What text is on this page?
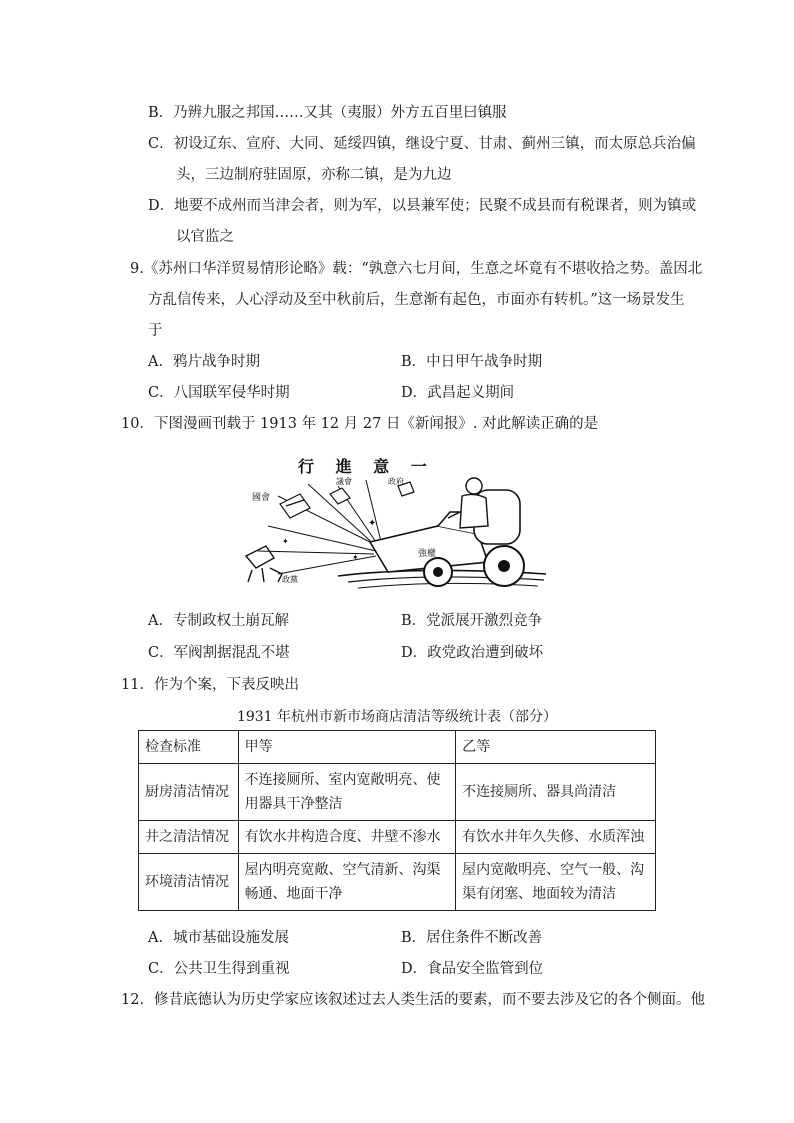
B．乃辨九服之邦国……又其（夷服）外方五百里曰镇服
C．初设辽东、宣府、大同、延绥四镇，继设宁夏、甘肃、蓟州三镇，而太原总兵治偏
头，三边制府驻固原，亦称二镇，是为九边
D．地要不成州而当津会者，则为军，以县兼军使；民聚不成县而有税课者，则为镇或
以官监之
9.《苏州口华洋贸易情形论略》载：“孰意六七月间，生意之坏竟有不堪收拾之势。盖因北
方乱信传来，人心浮动及至中秋前后，生意渐有起色，市面亦有转机。”这一场景发生
于
A．鸦片战争时期	B．中日甲午战争时期
C．八国联军侵华时期	D．武昌起义期间
10．下图漫画刊载于 1913 年 12 月 27 日《新闻报》. 对此解读正确的是
行 進 意 一
國會
議會	政府
政黨
✦
✦
✦	強權
A．专制政权土崩瓦解	B．党派展开激烈竞争
C．军阀割据混乱不堪	D．政党政治遭到破坏
11．作为个案，下表反映出
1931 年杭州市新市场商店清洁等级统计表（部分）
检查标准	甲等	乙等
厨房清洁情况	不连接厕所、室内宽敞明亮、使用器具干净整洁	不连接厕所、器具尚清洁
井之清洁情况	有饮水井构造合度、井壁不渗水	有饮水井年久失修、水质浑浊
环境清洁情况	屋内明亮宽敞、空气清新、沟渠畅通、地面干净	屋内宽敞明亮、空气一般、沟渠有闭塞、地面较为清洁
A．城市基础设施发展	B．居住条件不断改善
C．公共卫生得到重视	D．食品安全监管到位
12．修昔底德认为历史学家应该叙述过去人类生活的要素，而不要去涉及它的各个侧面。他
